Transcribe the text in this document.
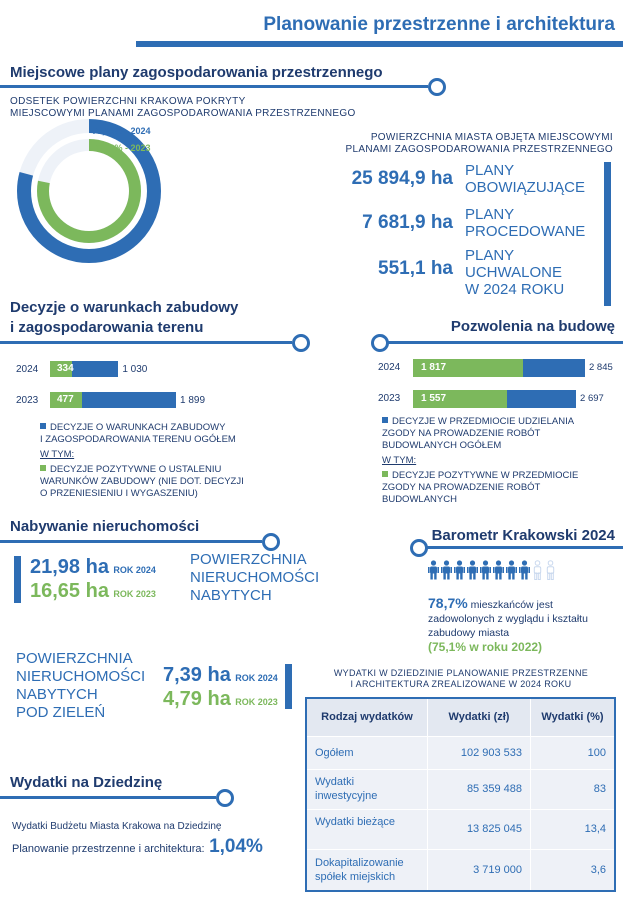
Planowanie przestrzenne i architektura
Miejscowe plany zagospodarowania przestrzennego
ODSETEK POWIERZCHNI KRAKOWA POKRYTY
MIEJSCOWYMI PLANAMI ZAGOSPODAROWANIA PRZESTRZENNEGO
79,23% - 2024
78,02% - 2023
POWIERZCHNIA MIASTA OBJĘTA MIEJSCOWYMI
PLANAMI ZAGOSPODAROWANIA PRZESTRZENNEGO
25 894,9 ha PLANY
OBOWIĄZUJĄCE
7 681,9 ha PLANY
PROCEDOWANE
551,1 ha
PLANY
UCHWALONE
W 2024 ROKU
Decyzje o warunkach zabudowy
i zagospodarowania terenu
2024 334	1 030
2023 477	1 899
DECYZJE O WARUNKACH ZABUDOWY
I ZAGOSPODAROWANIA TERENU OGÓŁEM
W TYM:
DECYZJE POZYTYWNE O USTALENIU
WARUNKÓW ZABUDOWY (NIE DOT. DECYZJI
O PRZENIESIENIU I WYGASZENIU)
Pozwolenia na budowę
2024 1 817	2 845
2023 1 557	2 697
DECYZJE W PRZEDMIOCIE UDZIELANIA
ZGODY NA PROWADZENIE ROBÓT
BUDOWLANYCH OGÓŁEM
W TYM:
DECYZJE POZYTYWNE W PRZEDMIOCIE
ZGODY NA PROWADZENIE ROBÓT
BUDOWLANYCH
Nabywanie nieruchomości
21,98 ha ROK 2024
16,65 ha ROK 2023
POWIERZCHNIA
NIERUCHOMOŚCI
NABYTYCH
POWIERZCHNIA
NIERUCHOMOŚCI
NABYTYCH
POD ZIELEŃ
7,39 ha ROK 2024
4,79 ha ROK 2023
Barometr Krakowski 2024
78,7% mieszkańców jest
zadowolonych z wyglądu i kształtu
zabudowy miasta
(75,1% w roku 2022)
Wydatki na Dziedzinę
Wydatki Budżetu Miasta Krakowa na Dziedzinę
Planowanie przestrzenne i architektura: 1,04%
WYDATKI W DZIEDZINIE PLANOWANIE PRZESTRZENNE
I ARCHITEKTURA ZREALIZOWANE W 2024 ROKU
Rodzaj wydatków	Wydatki (zł)	Wydatki (%)
Ogółem	102 903 533	100

Wydatki
inwestycyjne	85 359 488	83
Wydatki bieżące	13 825 045	13,4

Dokapitalizowanie
spółek miejskich	3 719 000	3,6
